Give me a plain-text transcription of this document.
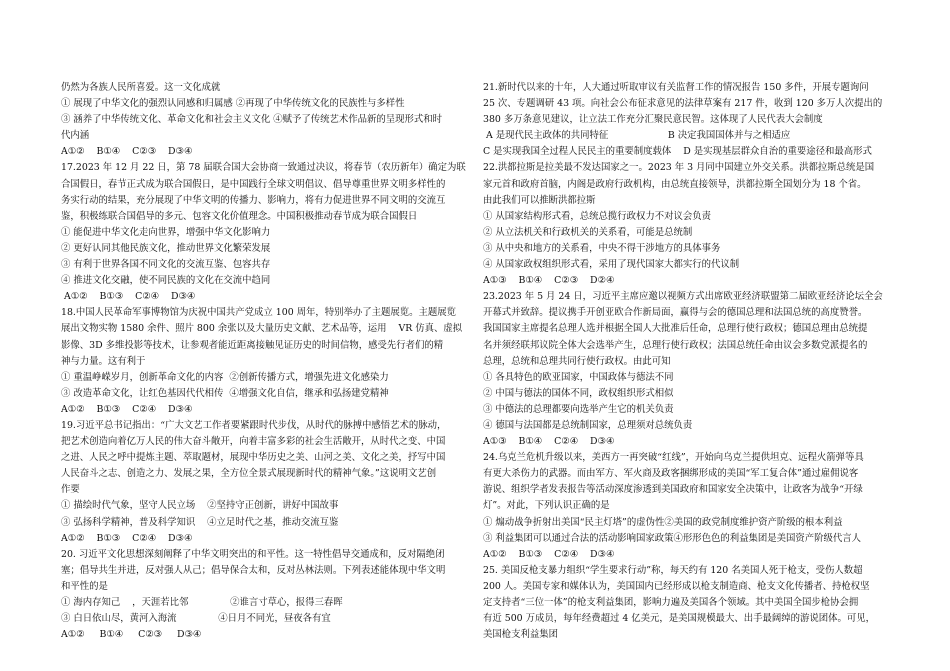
仍然为各族人民所喜爱。这一文化成就
① 展现了中华文化的强烈认同感和归属感 ②再现了中华传统文化的民族性与多样性
③ 涵养了中华传统文化、革命文化和社会主义文化 ④赋予了传统艺术作品新的呈现形式和时
代内涵
A①②    B①④    C②③    D③④
17.2023 年 12 月 22 日，第 78 届联合国大会协商一致通过决议，将春节（农历新年）确定为联
合国假日，春节正式成为联合国假日，是中国践行全球文明倡议、倡导尊重世界文明多样性的
务实行动的结果，充分展现了中华文明的传播力、影响力，将有力促进世界不同文明的交流互
鉴，积极练联合国倡导的多元、包容文化价值理念。中国积极推动春节成为联合国假日
① 能促进中华文化走向世界，增强中华文化影响力
② 更好认同其他民族文化，推动世界文化繁荣发展
③ 有利于世界各国不同文化的交流互鉴、包容共存
④ 推进文化交融，使不同民族的文化在交流中趋同
A①②    B①③    C②④    D③④
18.中国人民革命军事博物馆为庆祝中国共产党成立 100 周年，特别举办了主题展览。主题展览
展出文物实物 1580 余件、照片 800 余张以及大量历史文献、艺术品等，运用    VR 仿真、虚拟
影像、3D 多维投影等技术，让参观者能近距离接触见证历史的时间信物，感受先行者们的精
神与力量。这有利于
① 重温峥嵘岁月，创新革命文化的内容  ②创新传播方式，增强先进文化感染力
③ 改造革命文化，让红色基因代代相传  ④增强文化自信，继承和弘扬建党精神
A①②    B①③    C②④    D③④
19.习近平总书记指出：“广大文艺工作者要紧跟时代步伐，从时代的脉搏中感悟艺术的脉动，
把艺术创造向着亿万人民的伟大奋斗敞开，向着丰富多彩的社会生活敞开，从时代之变、中国
之进、人民之呼中提炼主题、萃取题材，展现中华历史之美、山河之美、文化之美，抒写中国
人民奋斗之志、创造之力、发展之果，全方位全景式展现新时代的精神气象。”这说明文艺创
作要
① 描绘时代气象，坚守人民立场    ②坚持守正创新，讲好中国故事
③ 弘扬科学精神，普及科学知识    ④立足时代之基，推动交流互鉴
A①②    B①③    C②④    D③④
20. 习近平文化思想深刻阐释了中华文明突出的和平性。这一特性倡导交通成和，反对隔绝闭
塞；倡导共生并进，反对强人从己；倡导保合太和，反对丛林法则。下列表述能体现中华文明
和平性的是
① 海内存知己    ，天涯若比邻              ②谁言寸草心，报得三春晖
③ 白日依山尽，黄河入海流              ④日月不同光，昼夜各有宜
A①②     B①④     C②③     D③④
21.新时代以来的十年，人大通过听取审议有关监督工作的情况报告 150 多件，开展专题询问
25 次、专题调研 43 项。向社会公布征求意见的法律草案有 217 件，收到 120 多万人次提出的
380 多万条意见建议，让立法工作充分汇聚民意民智。这体现了人民代表大会制度
A 是现代民主政体的共同特征                    B 决定我国国体并与之相适应
C 是实现我国全过程人民民主的重要制度载体    D 是实现基层群众自治的重要途径和最高形式
22.洪都拉斯是拉美最不发达国家之一。2023 年 3 月同中国建立外交关系。洪都拉斯总统是国
家元首和政府首脑，内阁是政府行政机构，由总统直接领导，洪都拉斯全国划分为 18 个省。
由此我们可以推断洪都拉斯
① 从国家结构形式看，总统总揽行政权力不对议会负责
② 从立法机关和行政机关的关系看，可能是总统制
③ 从中央和地方的关系看，中央不得干涉地方的具体事务
④ 从国家政权组织形式看，采用了现代国家大都实行的代议制
A①③    B①④    C②③    D②④
23.2023 年 5 月 24 日，习近平主席应邀以视频方式出席欧亚经济联盟第二届欧亚经济论坛全会
开幕式并致辞。提议携手开创亚欧合作新局面，赢得与会的德国总理和法国总统的高度赞誉。
我国国家主席提名总理人选并根据全国人大批准后任命，总理行使行政权；德国总理由总统提
名并须经联邦议院全体大会选举产生，总理行使行政权；法国总统任命由议会多数党派提名的
总理，总统和总理共同行使行政权。由此可知
① 各具特色的欧亚国家，中国政体与德法不同
② 中国与德法的国体不同，政权组织形式相似
③ 中德法的总理都要向选举产生它的机关负责
④ 德国与法国都是总统制国家，总理须对总统负责
A①③    B①④    C②④    D③④
24.乌克兰危机升级以来，美西方一再突破“红线”，开始向乌克兰提供坦克、远程火箭弹等具
有更大杀伤力的武器。而由军方、军火商及政客捆绑形成的美国“军工复合体”通过雇佣说客
游说、组织学者发表报告等活动深度渗透到美国政府和国家安全决策中，让政客为战争“开绿
灯”。对此，下列认识正确的是
① 煽动战争折射出美国“民主灯塔”的虚伪性②美国的政党制度维护资产阶级的根本利益
③ 利益集团可以通过合法的活动影响国家政策④形形色色的利益集团是美国资产阶级代言人
A①②    B①③    C②④    D③④
25. 美国反枪支暴力组织“学生要求行动”称，每天约有 120 名美国人死于枪支，受伤人数超
200 人。美国专家和媒体认为，美国国内已经形成以枪支制造商、枪支文化传播者、持枪权坚
定支持者“三位一体”的枪支利益集团，影响力遍及美国各个领域。其中美国全国步枪协会拥
有近 500 万成员，每年经费超过 4 亿美元，是美国规模最大、出手最阔绰的游说团体。可见，
美国枪支利益集团
